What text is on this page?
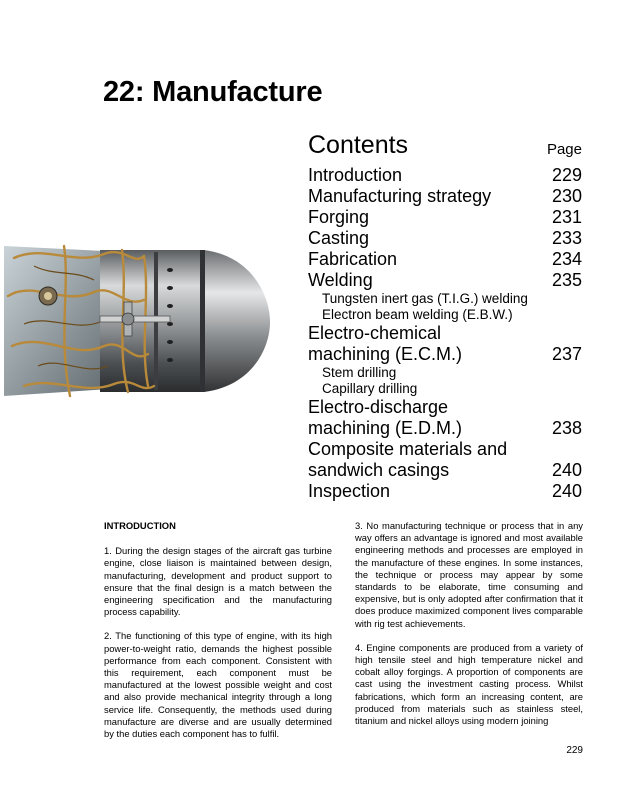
22: Manufacture
Contents	Page
Introduction	229
Manufacturing strategy	230
Forging	231
Casting	233
Fabrication	234
Welding	235
Tungsten inert gas (T.I.G.) welding
Electron beam welding (E.B.W.)
Electro-chemical
machining (E.C.M.)	237
Stem drilling
Capillary drilling
Electro-discharge
machining (E.D.M.)	238
Composite materials and
sandwich casings	240
Inspection	240
INTRODUCTION

1. During the design stages of the aircraft gas turbine engine, close liaison is maintained between design, manufacturing, development and product support to ensure that the final design is a match between the engineering specification and the manufacturing process capability.

2. The functioning of this type of engine, with its high power-to-weight ratio, demands the highest possible performance from each component. Consistent with this requirement, each component must be manufactured at the lowest possible weight and cost and also provide mechanical integrity through a long service life. Consequently, the methods used during manufacture are diverse and are usually determined by the duties each component has to fulfil.

3. No manufacturing technique or process that in any way offers an advantage is ignored and most available engineering methods and processes are employed in the manufacture of these engines. In some instances, the technique or process may appear by some standards to be elaborate, time consuming and expensive, but is only adopted after confirmation that it does produce maximized component lives comparable with rig test achievements.

4. Engine components are produced from a variety of high tensile steel and high temperature nickel and cobalt alloy forgings. A proportion of components are cast using the investment casting process. Whilst fabrications, which form an increasing content, are produced from materials such as stainless steel, titanium and nickel alloys using modern joining

229
